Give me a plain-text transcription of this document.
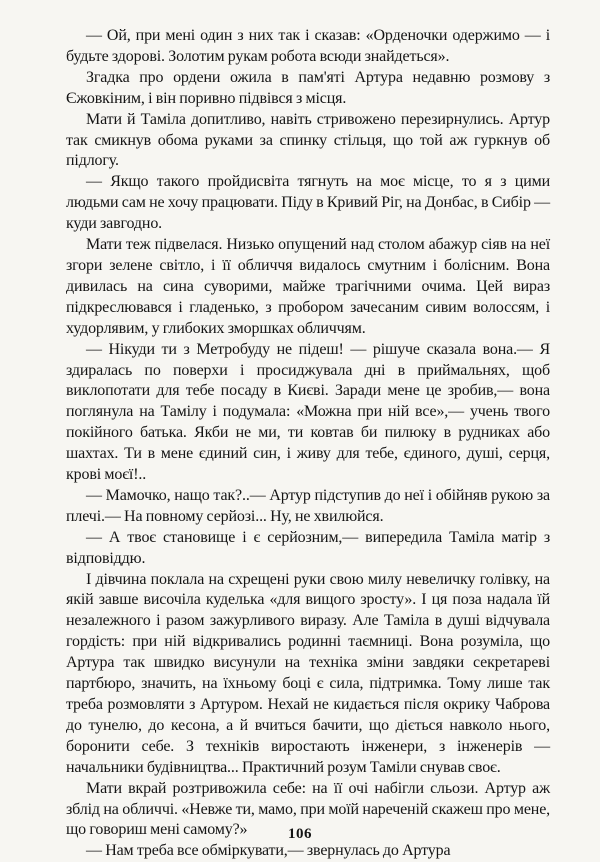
— Ой, при мені один з них так і сказав: «Орденочки одержимо — і будьте здорові. Золотим рукам робота всюди знайдеться».

Згадка про ордени ожила в пам'яті Артура недавню розмову з Єжовкіним, і він поривно підвівся з місця.

Мати й Таміла допитливо, навіть стривожено перезирнулись. Артур так смикнув обома руками за спинку стільця, що той аж гуркнув об підлогу.

— Якщо такого пройдисвіта тягнуть на моє місце, то я з цими людьми сам не хочу працювати. Піду в Кривий Ріг, на Донбас, в Сибір — куди завгодно.

Мати теж підвелася. Низько опущений над столом абажур сіяв на неї згори зелене світло, і її обличчя видалось смутним і болісним. Вона дивилась на сина суворими, майже трагічними очима. Цей вираз підкреслювався і гладенько, з пробором зачесаним сивим волоссям, і худорлявим, у глибоких зморшках обличчям.

— Нікуди ти з Метробуду не підеш! — рішуче сказала вона.— Я здиралась по поверхи і просиджувала дні в приймальнях, щоб виклопотати для тебе посаду в Києві. Заради мене це зробив,— вона поглянула на Тамілу і подумала: «Можна при ній все»,— учень твого покійного батька. Якби не ми, ти ковтав би пилюку в рудниках або шахтах. Ти в мене єдиний син, і живу для тебе, єдиного, душі, серця, крові моєї!..

— Мамочко, нащо так?..— Артур підступив до неї і обійняв рукою за плечі.— На повному серйозі... Ну, не хвилюйся.

— А твоє становище і є серйозним,— випередила Таміла матір з відповіддю.

І дівчина поклала на схрещені руки свою милу невеличку голівку, на якій завше височіла куделька «для вищого зросту». І ця поза надала їй незалежного і разом зажурливого виразу. Але Таміла в душі відчувала гордість: при ній відкривались родинні таємниці. Вона розуміла, що Артура так швидко висунули на техніка зміни завдяки секретареві партбюро, значить, на їхньому боці є сила, підтримка. Тому лише так треба розмовляти з Артуром. Нехай не кидається після окрику Чаброва до тунелю, до кесона, а й вчиться бачити, що діється навколо нього, боронити себе. З техніків виростають інженери, з інженерів — начальники будівництва... Практичний розум Таміли снував своє.

Мати вкрай розтривожила себе: на її очі набігли сльози. Артур аж зблід на обличчі. «Невже ти, мамо, при моїй нареченій скажеш про мене, що говориш мені самому?»

— Нам треба все обміркувати,— звернулась до Артура

106
